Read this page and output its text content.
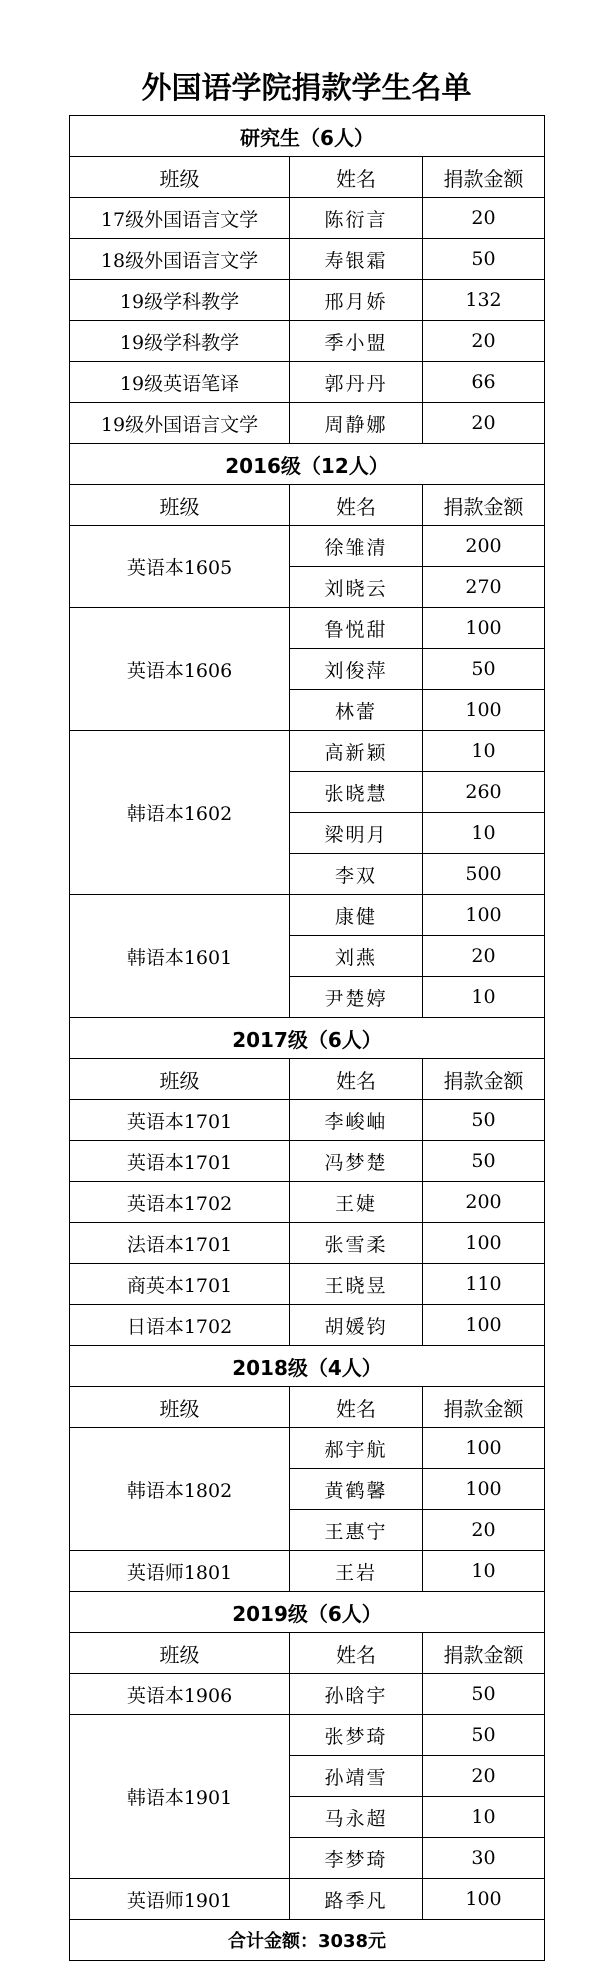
外国语学院捐款学生名单
研究生（6人）		
班级	姓名	捐款金额
17级外国语言文学	陈衍言	20
18级外国语言文学	寿银霜	50
19级学科教学	邢月娇	132
19级学科教学	季小盟	20
19级英语笔译	郭丹丹	66
19级外国语言文学	周静娜	20
2016级（12人）		
班级	姓名	捐款金额
英语本1605	徐雏清	200
	刘晓云	270
英语本1606	鲁悦甜	100
	刘俊萍	50
	林蕾	100
韩语本1602	高新颖	10
	张晓慧	260
	梁明月	10
	李双	500
韩语本1601	康健	100
	刘燕	20
	尹楚婷	10
2017级（6人）		
班级	姓名	捐款金额
英语本1701	李峻岫	50
英语本1701	冯梦楚	50
英语本1702	王婕	200
法语本1701	张雪柔	100
商英本1701	王晓昱	110
日语本1702	胡媛钧	100
2018级（4人）		
班级	姓名	捐款金额
韩语本1802	郝宇航	100
	黄鹤馨	100
	王惠宁	20
英语师1801	王岩	10
2019级（6人）		
班级	姓名	捐款金额
英语本1906	孙晗宇	50
韩语本1901	张梦琦	50
	孙靖雪	20
	马永超	10
	李梦琦	30
英语师1901	路季凡	100
合计金额：3038元		
